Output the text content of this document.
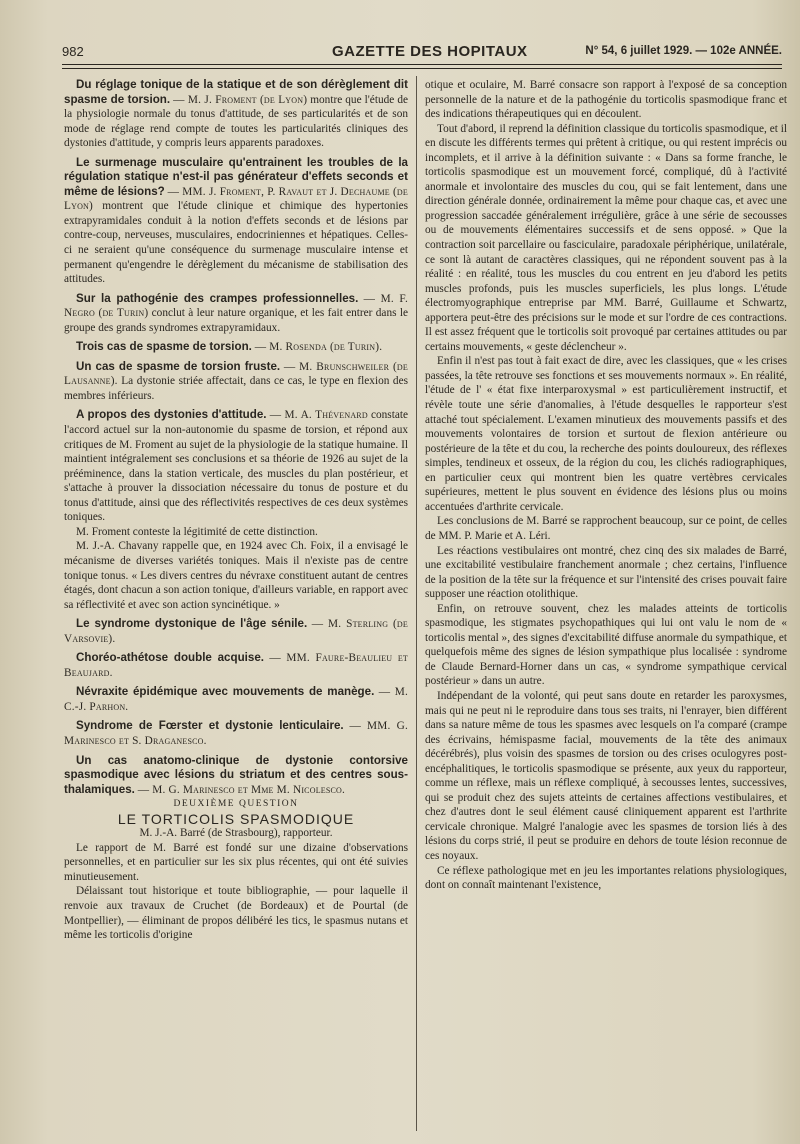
982	GAZETTE DES HOPITAUX	N° 54, 6 juillet 1929. — 102e ANNÉE.

Du réglage tonique de la statique et de son dérèglement dit spasme de torsion. — M. J. Froment (de Lyon) montre que l'étude de la physiologie normale du tonus d'attitude, de ses particularités et de son mode de réglage rend compte de toutes les particularités cliniques des dystonies d'attitude, y compris leurs apparents paradoxes.

Le surmenage musculaire qu'entrainent les troubles de la régulation statique n'est-il pas générateur d'effets seconds et même de lésions? — MM. J. Froment, P. Ravaut et J. Dechaume (de Lyon) montrent que l'étude clinique et chimique des hypertonies extrapyramidales conduit à la notion d'effets seconds et de lésions par contre-coup, nerveuses, musculaires, endocriniennes et hépatiques. Celles-ci ne seraient qu'une conséquence du surmenage musculaire intense et permanent qu'engendre le dérèglement du mécanisme de stabilisation des attitudes.

Sur la pathogénie des crampes professionnelles. — M. F. Negro (de Turin) conclut à leur nature organique, et les fait entrer dans le groupe des grands syndromes extrapyramidaux.

Trois cas de spasme de torsion. — M. Rosenda (de Turin).

Un cas de spasme de torsion fruste. — M. Brunschweiler (de Lausanne). La dystonie striée affectait, dans ce cas, le type en flexion des membres inférieurs.

A propos des dystonies d'attitude. — M. A. Thévenard constate l'accord actuel sur la non-autonomie du spasme de torsion, et répond aux critiques de M. Froment au sujet de la physiologie de la statique humaine. Il maintient intégralement ses conclusions et sa théorie de 1926 au sujet de la prééminence, dans la station verticale, des muscles du plan postérieur, et s'attache à prouver la dissociation nécessaire du tonus de posture et du tonus d'attitude, ainsi que des réflectivités respectives de ces deux systèmes toniques.

M. Froment conteste la légitimité de cette distinction.

M. J.-A. Chavany rappelle que, en 1924 avec Ch. Foix, il a envisagé le mécanisme de diverses variétés toniques. Mais il n'existe pas de centre tonique tonus. « Les divers centres du névraxe constituent autant de centres étagés, dont chacun a son action tonique, d'ailleurs variable, en rapport avec sa réflectivité et avec son action syncinétique. »

Le syndrome dystonique de l'âge sénile. — M. Sterling (de Varsovie).

Choréo-athétose double acquise. — MM. Faure-Beaulieu et Beaujard.

Névraxite épidémique avec mouvements de manège. — M. C.-J. Parhon.

Syndrome de Fœrster et dystonie lenticulaire. — MM. G. Marinesco et S. Draganesco.

Un cas anatomo-clinique de dystonie contorsive spasmodique avec lésions du striatum et des centres sous-thalamiques. — M. G. Marinesco et Mme M. Nicolesco.

DEUXIÈME QUESTION

LE TORTICOLIS SPASMODIQUE

M. J.-A. Barré (de Strasbourg), rapporteur.

Le rapport de M. Barré est fondé sur une dizaine d'observations personnelles, et en particulier sur les six plus récentes, qui ont été suivies minutieusement.

Délaissant tout historique et toute bibliographie, — pour laquelle il renvoie aux travaux de Cruchet (de Bordeaux) et de Pourtal (de Montpellier), — éliminant de propos délibéré les tics, le spasmus nutans et même les torticolis d'origine

otique et oculaire, M. Barré consacre son rapport à l'exposé de sa conception personnelle de la nature et de la pathogénie du torticolis spasmodique franc et des indications thérapeutiques qui en découlent.

Tout d'abord, il reprend la définition classique du torticolis spasmodique, et il en discute les différents termes qui prêtent à critique, ou qui restent imprécis ou incomplets, et il arrive à la définition suivante : « Dans sa forme franche, le torticolis spasmodique est un mouvement forcé, compliqué, dû à l'activité anormale et involontaire des muscles du cou, qui se fait lentement, dans une direction générale donnée, ordinairement la même pour chaque cas, et avec une progression saccadée généralement irrégulière, grâce à une série de secousses ou de mouvements élémentaires successifs et de sens opposé. » Que la contraction soit parcellaire ou fasciculaire, paradoxale périphérique, unilatérale, ce sont là autant de caractères classiques, qui ne répondent souvent pas à la réalité : en réalité, tous les muscles du cou entrent en jeu d'abord les petits muscles profonds, puis les muscles superficiels, les plus longs. L'étude électromyographique entreprise par MM. Barré, Guillaume et Schwartz, apportera peut-être des précisions sur le mode et sur l'ordre de ces contractions. Il est assez fréquent que le torticolis soit provoqué par certaines attitudes ou par certains mouvements, « geste déclencheur ».

Enfin il n'est pas tout à fait exact de dire, avec les classiques, que « les crises passées, la tête retrouve ses fonctions et ses mouvements normaux ». En réalité, l'étude de l' « état fixe interparoxysmal » est particulièrement instructif, et révèle toute une série d'anomalies, à l'étude desquelles le rapporteur s'est attaché tout spécialement. L'examen minutieux des mouvements passifs et des mouvements volontaires de torsion et surtout de flexion antérieure ou postérieure de la tête et du cou, la recherche des points douloureux, des réflexes simples, tendineux et osseux, de la région du cou, les clichés radiographiques, en particulier ceux qui montrent bien les quatre vertèbres cervicales supérieures, mettent le plus souvent en évidence des lésions plus ou moins accentuées d'arthrite cervicale.

Les conclusions de M. Barré se rapprochent beaucoup, sur ce point, de celles de MM. P. Marie et A. Léri.

Les réactions vestibulaires ont montré, chez cinq des six malades de Barré, une excitabilité vestibulaire franchement anormale ; chez certains, l'influence de la position de la tête sur la fréquence et sur l'intensité des crises pouvait faire supposer une réaction otolithique.

Enfin, on retrouve souvent, chez les malades atteints de torticolis spasmodique, les stigmates psychopathiques qui lui ont valu le nom de « torticolis mental », des signes d'excitabilité diffuse anormale du sympathique, et quelquefois même des signes de lésion sympathique plus localisée : syndrome de Claude Bernard-Horner dans un cas, « syndrome sympathique cervical postérieur » dans un autre.

Indépendant de la volonté, qui peut sans doute en retarder les paroxysmes, mais qui ne peut ni le reproduire dans tous ses traits, ni l'enrayer, bien différent dans sa nature même de tous les spasmes avec lesquels on l'a comparé (crampe des écrivains, hémispasme facial, mouvements de la tête des animaux décérébrés), plus voisin des spasmes de torsion ou des crises oculogyres post-encéphalitiques, le torticolis spasmodique se présente, aux yeux du rapporteur, comme un réflexe, mais un réflexe compliqué, à secousses lentes, successives, qui se produit chez des sujets atteints de certaines affections vestibulaires, et chez d'autres dont le seul élément causé cliniquement apparent est l'arthrite cervicale chronique. Malgré l'analogie avec les spasmes de torsion liés à des lésions du corps strié, il peut se produire en dehors de toute lésion reconnue de ces noyaux.

Ce réflexe pathologique met en jeu les importantes relations physiologiques, dont on connaît maintenant l'existence,
